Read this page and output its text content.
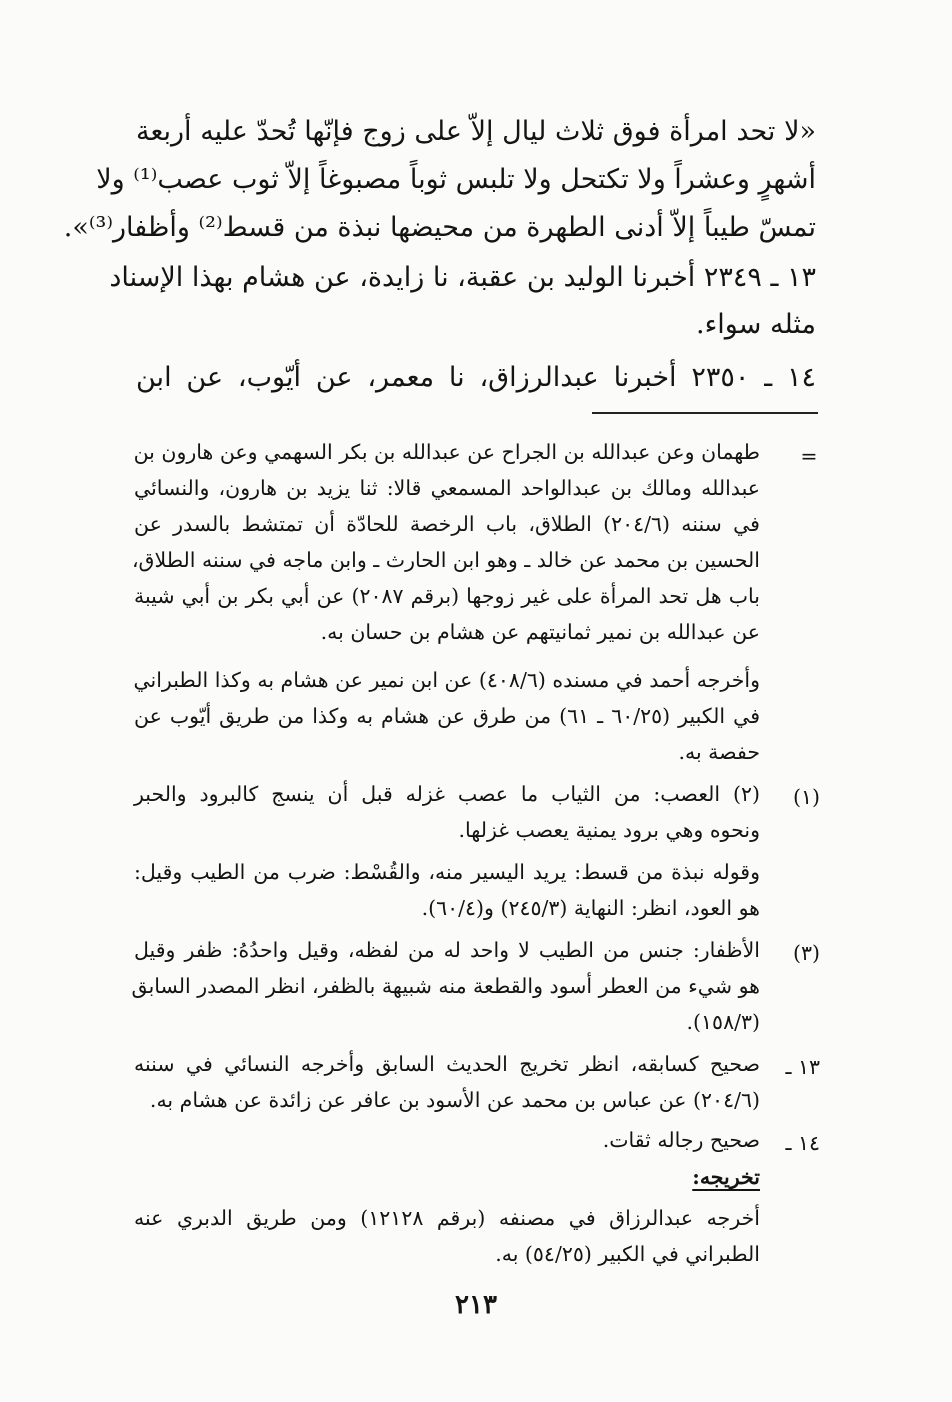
«لا تحد امرأة فوق ثلاث ليال إلاّ على زوج فإنّها تُحدّ عليه أربعة
أشهرٍ وعشراً ولا تكتحل ولا تلبس ثوباً مصبوغاً إلاّ ثوب عصب⁽¹⁾ ولا
تمسّ طيباً إلاّ أدنى الطهرة من محيضها نبذة من قسط⁽²⁾ وأظفار⁽³⁾».
١٣ ـ ٢٣٤٩ أخبرنا الوليد بن عقبة، نا زايدة، عن هشام بهذا الإسناد
مثله سواء.
١٤ ـ ٢٣٥٠ أخبرنا عبدالرزاق، نا معمر، عن أيّوب، عن ابن
=
طهمان وعن عبدالله بن الجراح عن عبدالله بن بكر السهمي وعن هارون بن
عبدالله ومالك بن عبدالواحد المسمعي قالا: ثنا يزيد بن هارون، والنسائي
في سننه (٢٠٤/٦) الطلاق، باب الرخصة للحادّة أن تمتشط بالسدر عن
الحسين بن محمد عن خالد ـ وهو ابن الحارث ـ وابن ماجه في سننه الطلاق،
باب هل تحد المرأة على غير زوجها (برقم ٢٠٨٧) عن أبي بكر بن أبي شيبة
عن عبدالله بن نمير ثمانيتهم عن هشام بن حسان به.
وأخرجه أحمد في مسنده (٤٠٨/٦) عن ابن نمير عن هشام به وكذا الطبراني
في الكبير (٦٠/٢٥ ـ ٦١) من طرق عن هشام به وكذا من طريق أيّوب عن
حفصة به.
(١)
(٢) العصب: من الثياب ما عصب غزله قبل أن ينسج كالبرود والحبر
ونحوه وهي برود يمنية يعصب غزلها.
وقوله نبذة من قسط: يريد اليسير منه، والقُسْط: ضرب من الطيب وقيل:
هو العود، انظر: النهاية (٢٤٥/٣) و(٦٠/٤).
(٣)
الأظفار: جنس من الطيب لا واحد له من لفظه، وقيل واحدُهُ: ظفر وقيل
هو شيء من العطر أسود والقطعة منه شبيهة بالظفر، انظر المصدر السابق
(١٥٨/٣).
١٣ ـ
صحيح كسابقه، انظر تخريج الحديث السابق وأخرجه النسائي في سننه
(٢٠٤/٦) عن عباس بن محمد عن الأسود بن عافر عن زائدة عن هشام به.
١٤ ـ
صحيح رجاله ثقات.
تخريجه:
أخرجه عبدالرزاق في مصنفه (برقم ١٢١٢٨) ومن طريق الدبري عنه
الطبراني في الكبير (٥٤/٢٥) به.
٢١٣
